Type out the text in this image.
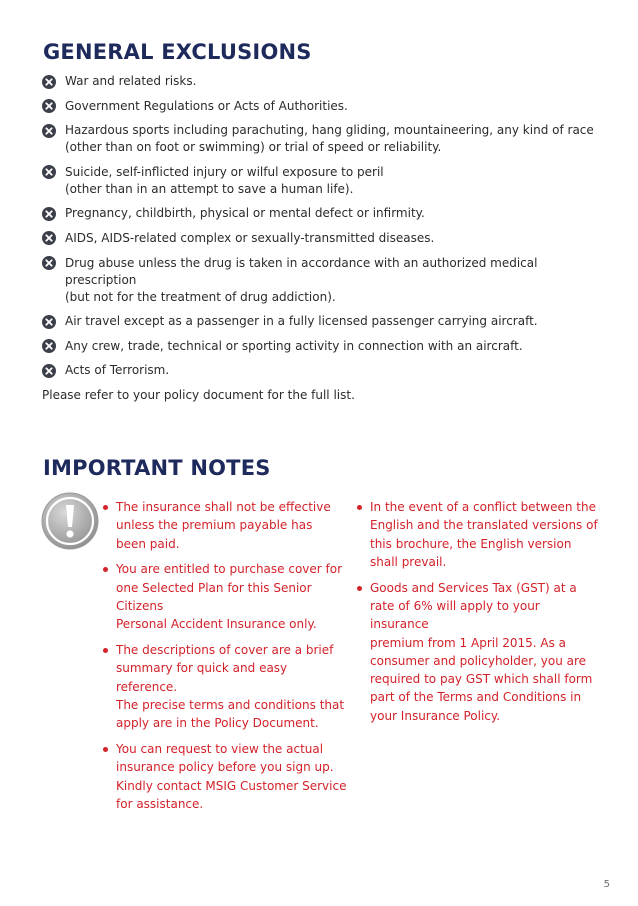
GENERAL EXCLUSIONS
War and related risks.
Government Regulations or Acts of Authorities.
Hazardous sports including parachuting, hang gliding, mountaineering, any kind of race
(other than on foot or swimming) or trial of speed or reliability.
Suicide, self-inflicted injury or wilful exposure to peril
(other than in an attempt to save a human life).
Pregnancy, childbirth, physical or mental defect or infirmity.
AIDS, AIDS-related complex or sexually-transmitted diseases.
Drug abuse unless the drug is taken in accordance with an authorized medical prescription
(but not for the treatment of drug addiction).
Air travel except as a passenger in a fully licensed passenger carrying aircraft.
Any crew, trade, technical or sporting activity in connection with an aircraft.
Acts of Terrorism.
Please refer to your policy document for the full list.
IMPORTANT NOTES
The insurance shall not be effective
unless the premium payable has
been paid.
You are entitled to purchase cover for
one Selected Plan for this Senior Citizens
Personal Accident Insurance only.
The descriptions of cover are a brief
summary for quick and easy reference.
The precise terms and conditions that
apply are in the Policy Document.
You can request to view the actual
insurance policy before you sign up.
Kindly contact MSIG Customer Service
for assistance.
In the event of a conflict between the
English and the translated versions of
this brochure, the English version
shall prevail.
Goods and Services Tax (GST) at a
rate of 6% will apply to your insurance
premium from 1 April 2015. As a
consumer and policyholder, you are
required to pay GST which shall form
part of the Terms and Conditions in
your Insurance Policy.
5
